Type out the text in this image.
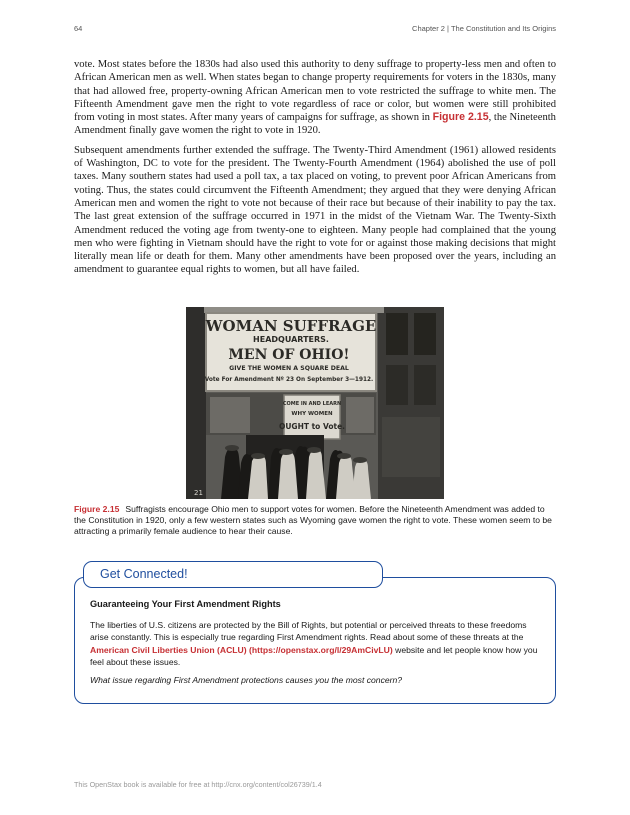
64	Chapter 2 | The Constitution and Its Origins

vote. Most states before the 1830s had also used this authority to deny suffrage to property-less men and often to African American men as well. When states began to change property requirements for voters in the 1830s, many that had allowed free, property-owning African American men to vote restricted the suffrage to white men. The Fifteenth Amendment gave men the right to vote regardless of race or color, but women were still prohibited from voting in most states. After many years of campaigns for suffrage, as shown in Figure 2.15, the Nineteenth Amendment finally gave women the right to vote in 1920.

Subsequent amendments further extended the suffrage. The Twenty-Third Amendment (1961) allowed residents of Washington, DC to vote for the president. The Twenty-Fourth Amendment (1964) abolished the use of poll taxes. Many southern states had used a poll tax, a tax placed on voting, to prevent poor African Americans from voting. Thus, the states could circumvent the Fifteenth Amendment; they argued that they were denying African American men and women the right to vote not because of their race but because of their inability to pay the tax. The last great extension of the suffrage occurred in 1971 in the midst of the Vietnam War. The Twenty-Sixth Amendment reduced the voting age from twenty-one to eighteen. Many people had complained that the young men who were fighting in Vietnam should have the right to vote for or against those making decisions that might literally mean life or death for them. Many other amendments have been proposed over the years, including an amendment to guarantee equal rights to women, but all have failed.

WOMAN SUFFRAGE
HEADQUARTERS.
MEN OF OHIO!
GIVE THE WOMEN A SQUARE DEAL
Vote For Amendment Nº 23 On September 3—1912.
COME IN AND LEARN
WHY WOMEN
OUGHT to Vote.
21
Figure 2.15 Suffragists encourage Ohio men to support votes for women. Before the Nineteenth Amendment was added to the Constitution in 1920, only a few western states such as Wyoming gave women the right to vote. These women seem to be attracting a primarily female audience to hear their cause.
Get Connected!
Guaranteeing Your First Amendment Rights

The liberties of U.S. citizens are protected by the Bill of Rights, but potential or perceived threats to these freedoms arise constantly. This is especially true regarding First Amendment rights. Read about some of these threats at the American Civil Liberties Union (ACLU) (https://openstax.org/l/29AmCivLU) website and let people know how you feel about these issues.

What issue regarding First Amendment protections causes you the most concern?

This OpenStax book is available for free at http://cnx.org/content/col26739/1.4
